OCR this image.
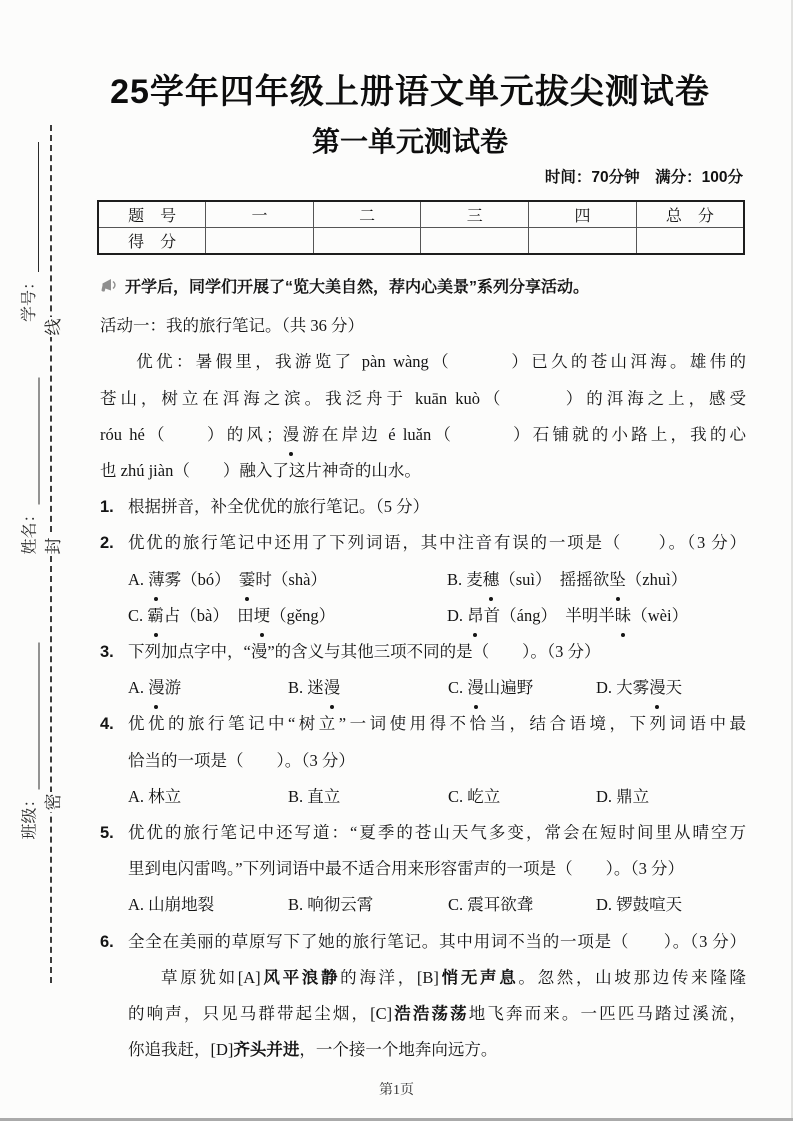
学号：
姓名：
班级：
线
封
密
25学年四年级上册语文单元拔尖测试卷
第一单元测试卷
时间：70分钟　满分：100分
题　号	一	二	三	四	总　分
得　分					
开学后，同学们开展了“览大美自然，荐内心美景”系列分享活动。
活动一：我的旅行笔记。（共 36 分）
优优：暑假里，我游览了 pàn wàng（　　　）已久的苍山洱海。雄伟的
苍山，树立在洱海之滨。我泛舟于 kuān kuò（　　　）的洱海之上，感受
róu hé（　　）的风；漫游在岸边 é luǎn（　　　）石铺就的小路上，我的心
也 zhú jiàn（　　）融入了这片神奇的山水。
1. 根据拼音，补全优优的旅行笔记。（5 分）
2. 优优的旅行笔记中还用了下列词语，其中注音有误的一项是（　　）。（3 分）
A. 薄雾（bó）　霎时（shà）	B. 麦穗（suì）　摇摇欲坠（zhuì）
C. 霸占（bà）　田埂（gěng）	D. 昂首（áng）　半明半昧（wèi）
3. 下列加点字中，“漫”的含义与其他三项不同的是（　　）。（3 分）
A. 漫游	B. 迷漫	C. 漫山遍野	D. 大雾漫天
4. 优优的旅行笔记中“树立”一词使用得不恰当，结合语境，下列词语中最
恰当的一项是（　　）。（3 分）
A. 林立	B. 直立	C. 屹立	D. 鼎立
5. 优优的旅行笔记中还写道：“夏季的苍山天气多变，常会在短时间里从晴空万
里到电闪雷鸣。”下列词语中最不适合用来形容雷声的一项是（　　）。（3 分）
A. 山崩地裂	B. 响彻云霄	C. 震耳欲聋	D. 锣鼓喧天
6. 全全在美丽的草原写下了她的旅行笔记。其中用词不当的一项是（　　）。（3 分）
草原犹如[A]风平浪静的海洋，[B]悄无声息。忽然，山坡那边传来隆隆
的响声，只见马群带起尘烟，[C]浩浩荡荡地飞奔而来。一匹匹马踏过溪流，
你追我赶，[D]齐头并进，一个接一个地奔向远方。
第1页
